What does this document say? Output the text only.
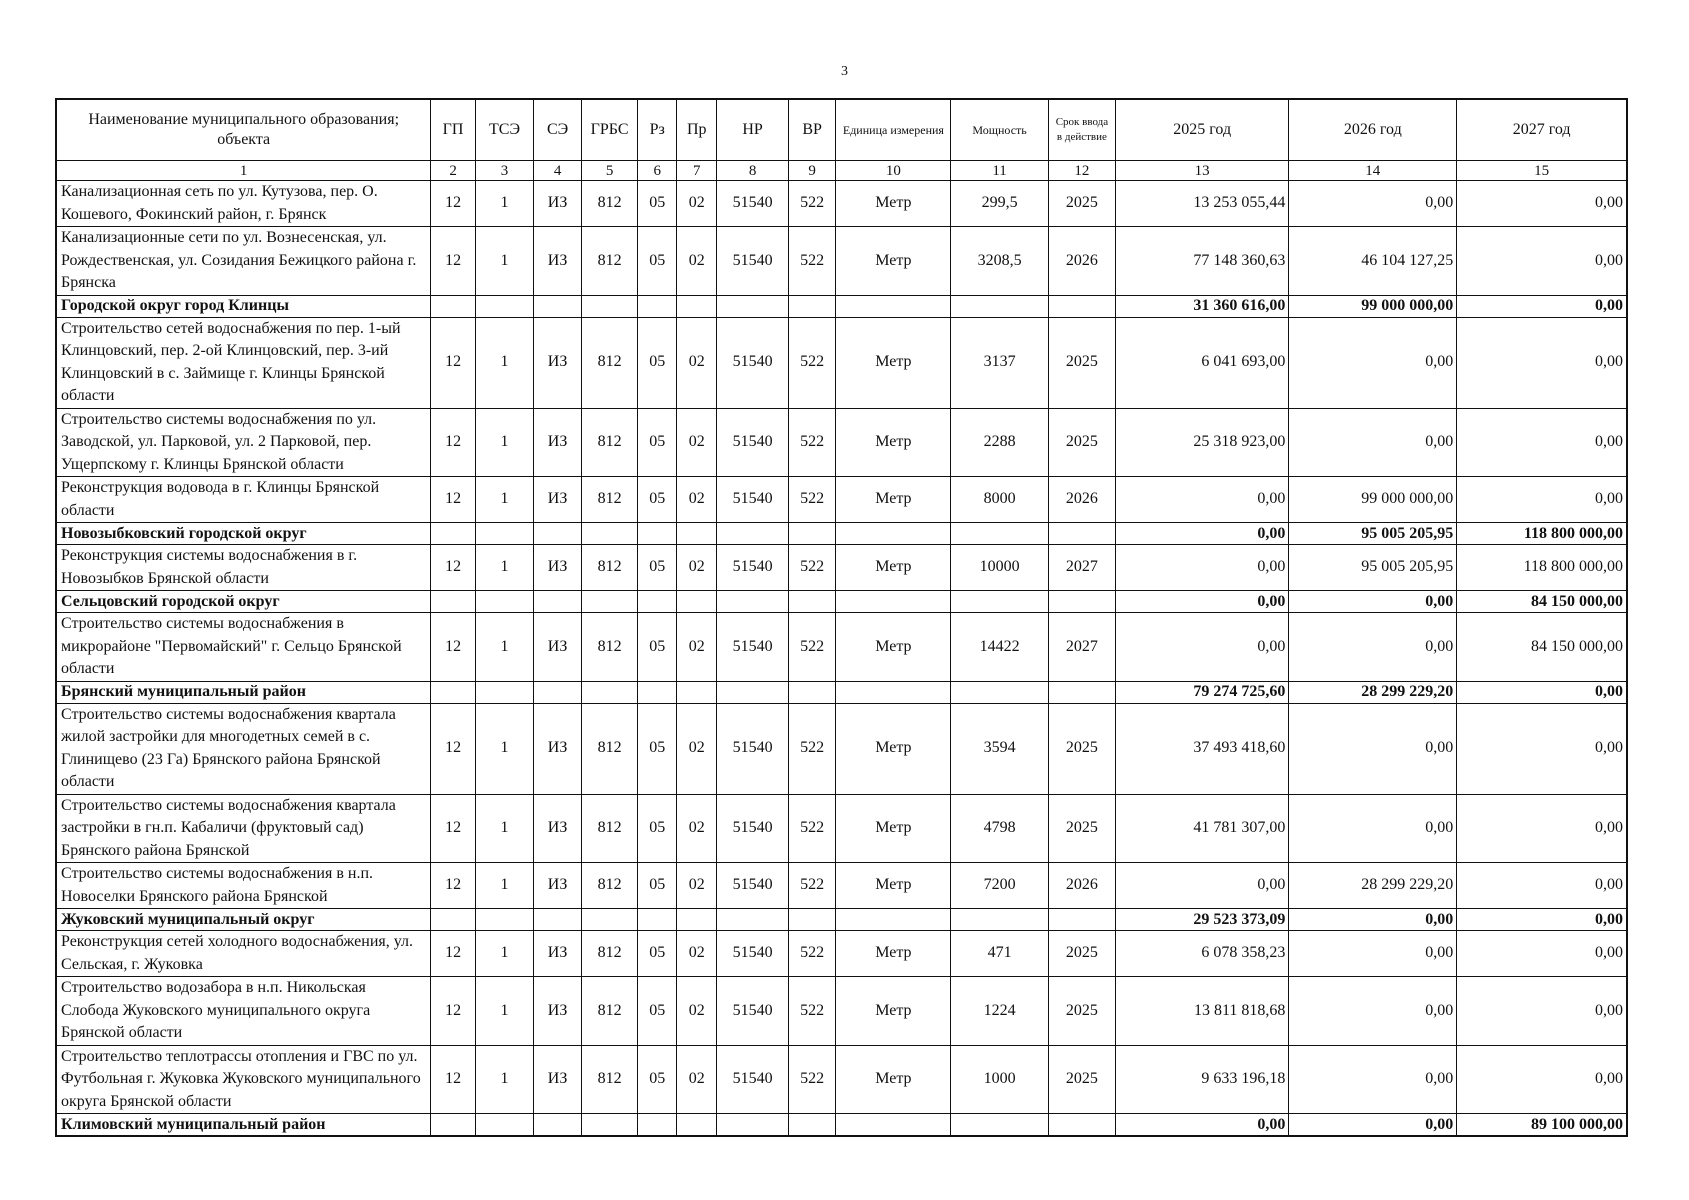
3
Наименование муниципального образования; объекта	ГП	ТСЭ	СЭ	ГРБС	Рз	Пр	НР	ВР	Единица измерения	Мощность	Срок ввода в действие	2025 год	2026 год	2027 год
1	2	3	4	5	6	7	8	9	10	11	12	13	14	15
Канализационная сеть по ул. Кутузова, пер. О. Кошевого, Фокинский район, г. Брянск	12	1	ИЗ	812	05	02	51540	522	Метр	299,5	2025	13 253 055,44	0,00	0,00
Канализационные сети по ул. Вознесенская, ул. Рождественская, ул. Созидания Бежицкого района г. Брянска	12	1	ИЗ	812	05	02	51540	522	Метр	3208,5	2026	77 148 360,63	46 104 127,25	0,00
Городской округ город Клинцы												31 360 616,00	99 000 000,00	0,00
Строительство сетей водоснабжения по пер. 1-ый Клинцовский, пер. 2-ой Клинцовский, пер. 3-ий Клинцовский в с. Займище г. Клинцы Брянской области	12	1	ИЗ	812	05	02	51540	522	Метр	3137	2025	6 041 693,00	0,00	0,00
Строительство системы водоснабжения по ул. Заводской, ул. Парковой, ул. 2 Парковой, пер. Ущерпскому г. Клинцы Брянской области	12	1	ИЗ	812	05	02	51540	522	Метр	2288	2025	25 318 923,00	0,00	0,00
Реконструкция водовода в г. Клинцы Брянской области	12	1	ИЗ	812	05	02	51540	522	Метр	8000	2026	0,00	99 000 000,00	0,00
Новозыбковский городской округ												0,00	95 005 205,95	118 800 000,00
Реконструкция системы водоснабжения в г. Новозыбков Брянской области	12	1	ИЗ	812	05	02	51540	522	Метр	10000	2027	0,00	95 005 205,95	118 800 000,00
Сельцовский городской округ												0,00	0,00	84 150 000,00
Строительство системы водоснабжения в микрорайоне "Первомайский" г. Сельцо Брянской области	12	1	ИЗ	812	05	02	51540	522	Метр	14422	2027	0,00	0,00	84 150 000,00
Брянский муниципальный район												79 274 725,60	28 299 229,20	0,00
Строительство системы водоснабжения квартала жилой застройки для многодетных семей в с. Глинищево (23 Га) Брянского района Брянской области	12	1	ИЗ	812	05	02	51540	522	Метр	3594	2025	37 493 418,60	0,00	0,00
Строительство системы водоснабжения квартала застройки в гн.п. Кабаличи (фруктовый сад) Брянского района Брянской	12	1	ИЗ	812	05	02	51540	522	Метр	4798	2025	41 781 307,00	0,00	0,00
Строительство системы водоснабжения в н.п. Новоселки Брянского района Брянской	12	1	ИЗ	812	05	02	51540	522	Метр	7200	2026	0,00	28 299 229,20	0,00
Жуковский муниципальный округ												29 523 373,09	0,00	0,00
Реконструкция сетей холодного водоснабжения, ул. Сельская, г. Жуковка	12	1	ИЗ	812	05	02	51540	522	Метр	471	2025	6 078 358,23	0,00	0,00
Строительство водозабора в н.п. Никольская Слобода Жуковского муниципального округа Брянской области	12	1	ИЗ	812	05	02	51540	522	Метр	1224	2025	13 811 818,68	0,00	0,00
Строительство теплотрассы отопления и ГВС по ул. Футбольная г. Жуковка Жуковского муниципального округа Брянской области	12	1	ИЗ	812	05	02	51540	522	Метр	1000	2025	9 633 196,18	0,00	0,00
Климовский муниципальный район												0,00	0,00	89 100 000,00
